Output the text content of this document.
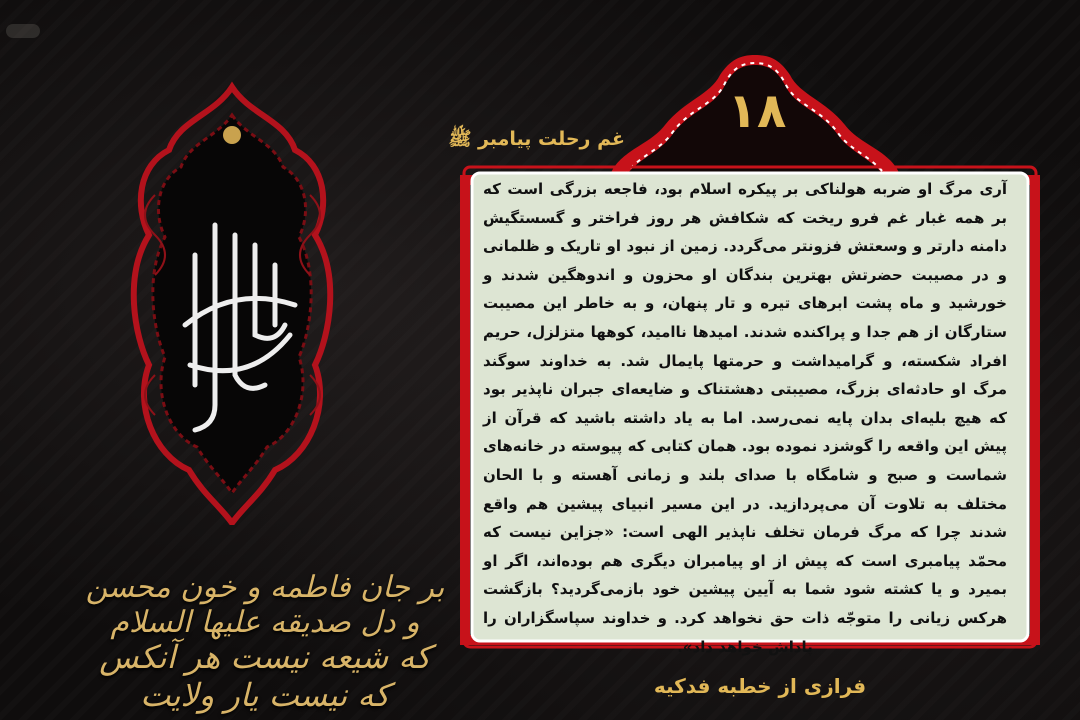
بر جان فاطمه و خون محسن و دل صدیقه علیها السلام
که شیعه نیست هر آنکس که نیست یار ولایت
۱۸
غم رحلت پیامبر ﷺ
آری مرگ او ضربه هولناکی بر پیکره اسلام بود، فاجعه بزرگی است که بر همه غبار غم فرو ریخت که شکافش هر روز فراختر و گسستگیش دامنه دارتر و وسعتش فزونتر می‌گردد. زمین از نبود او تاریک و ظلمانی و در مصیبت حضرتش بهترین بندگان او محزون و اندوهگین شدند و خورشید و ماه پشت ابرهای تیره و تار پنهان، و به خاطر این مصیبت ستارگان از هم جدا و پراکنده شدند. امیدها ناامید، کوهها متزلزل، حریم افراد شکسته، و گرامیداشت و حرمتها پایمال شد. به خداوند سوگند مرگ او حادثه‌ای بزرگ، مصیبتی دهشتناک و ضایعه‌ای جبران ناپذیر بود که هیچ بلیه‌ای بدان پایه نمی‌رسد. اما به یاد داشته باشید که قرآن از پیش این واقعه را گوشزد نموده بود. همان کتابی که پیوسته در خانه‌های شماست و صبح و شامگاه با صدای بلند و زمانی آهسته و با الحان مختلف به تلاوت آن می‌پردازید. در این مسیر انبیای پیشین هم واقع شدند چرا که مرگ فرمان تخلف ناپذیر الهی است: «جزاین نیست که محمّد پیامبری است که پیش از او پیامبران دیگری هم بوده‌اند، اگر او بمیرد و یا کشته شود شما به آیین پیشین خود بازمی‌گردید؟ بازگشت هرکس زیانی را متوجّه ذات حق نخواهد کرد. و خداوند سپاسگزاران را پاداش خواهد داد».
فرازی از خطبه فدکیه
